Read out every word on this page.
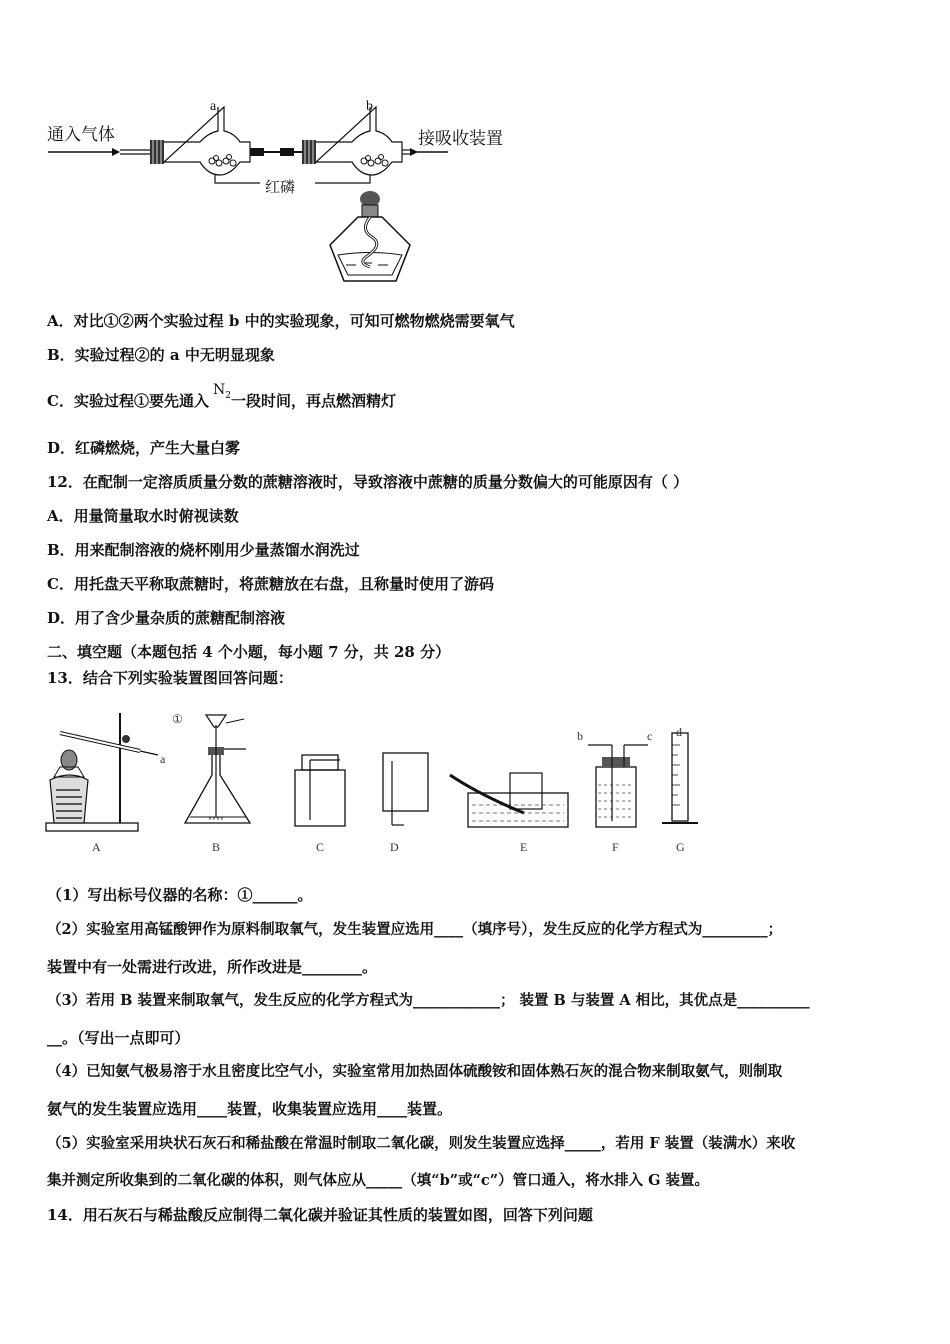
通入气体	接吸收装置
a	b
红磷
A．对比①②两个实验过程 b 中的实验现象，可知可燃物燃烧需要氧气
B．实验过程②的 a 中无明显现象
C．实验过程①要先通入$N_2$一段时间，再点燃酒精灯
D．红磷燃烧，产生大量白雾
12．在配制一定溶质质量分数的蔗糖溶液时，导致溶液中蔗糖的质量分数偏大的可能原因有（ ）
A．用量筒量取水时俯视读数
B．用来配制溶液的烧杯刚用少量蒸馏水润洗过
C．用托盘天平称取蔗糖时，将蔗糖放在右盘，且称量时使用了游码
D．用了含少量杂质的蔗糖配制溶液
二、填空题（本题包括 4 个小题，每小题 7 分，共 28 分）
13．结合下列实验装置图回答问题：
∘∘∘∘
①
a
b	c d
A	B	C	D	E	F	G
（1）写出标号仪器的名称：①______。
（2）实验室用高锰酸钾作为原料制取氧气，发生装置应选用____（填序号），发生反应的化学方程式为_________；
装置中有一处需进行改进，所作改进是________。
（3）若用 B 装置来制取氧气，发生反应的化学方程式为____________； 装置 B 与装置 A 相比，其优点是__________
__。（写出一点即可）
（4）已知氨气极易溶于水且密度比空气小，实验室常用加热固体硫酸铵和固体熟石灰的混合物来制取氨气，则制取
氨气的发生装置应选用____装置，收集装置应选用____装置。
（5）实验室采用块状石灰石和稀盐酸在常温时制取二氧化碳，则发生装置应选择_____，若用 F 装置（装满水）来收
集并测定所收集到的二氧化碳的体积，则气体应从_____（填“b”或“c”）管口通入，将水排入 G 装置。
14．用石灰石与稀盐酸反应制得二氧化碳并验证其性质的装置如图，回答下列问题
